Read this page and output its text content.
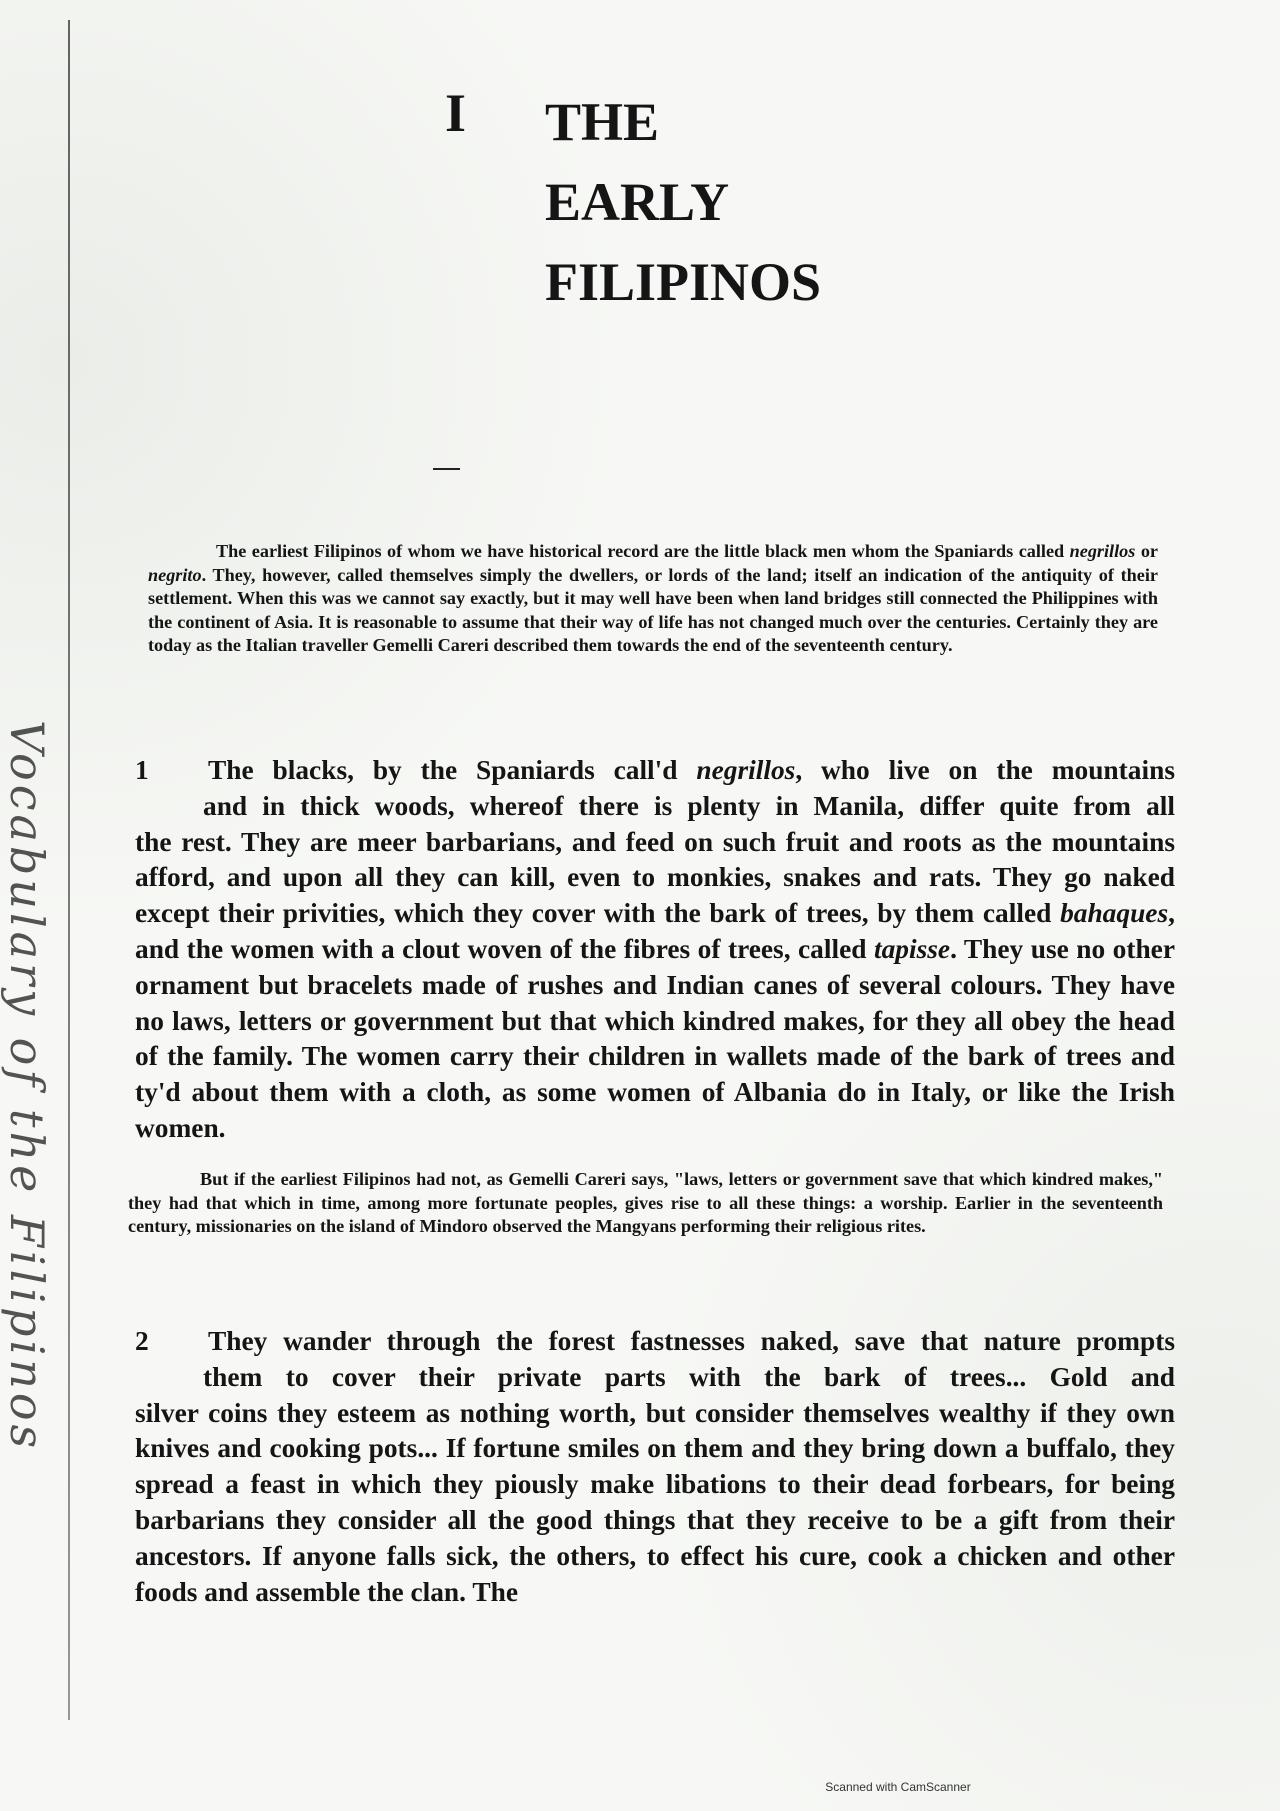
Vocabulary of the Filipinos
I THE
EARLY
FILIPINOS

The earliest Filipinos of whom we have historical record are the little black men whom the Spaniards called negrillos or negrito. They, however, called themselves simply the dwellers, or lords of the land; itself an indication of the antiquity of their settlement. When this was we cannot say exactly, but it may well have been when land bridges still connected the Philippines with the continent of Asia. It is reasonable to assume that their way of life has not changed much over the centuries. Certainly they are today as the Italian traveller Gemelli Careri described them towards the end of the seventeenth century.

1	The blacks, by the Spaniards call'd negrillos, who live on the mountains
and in thick woods, whereof there is plenty in Manila, differ quite from all
the rest. They are meer barbarians, and feed on such fruit and roots as the mountains afford, and upon all they can kill, even to monkies, snakes and rats. They go naked except their privities, which they cover with the bark of trees, by them called bahaques, and the women with a clout woven of the fibres of trees, called tapisse. They use no other ornament but bracelets made of rushes and Indian canes of several colours. They have no laws, letters or government but that which kindred makes, for they all obey the head of the family. The women carry their children in wallets made of the bark of trees and ty'd about them with a cloth, as some women of Albania do in Italy, or like the Irish women.

But if the earliest Filipinos had not, as Gemelli Careri says, "laws, letters or government save that which kindred makes," they had that which in time, among more fortunate peoples, gives rise to all these things: a worship. Earlier in the seventeenth century, missionaries on the island of Mindoro observed the Mangyans performing their religious rites.

2	They wander through the forest fastnesses naked, save that nature prompts
them to cover their private parts with the bark of trees... Gold and
silver coins they esteem as nothing worth, but consider themselves wealthy if they own knives and cooking pots... If fortune smiles on them and they bring down a buffalo, they spread a feast in which they piously make libations to their dead forbears, for being barbarians they consider all the good things that they receive to be a gift from their ancestors. If anyone falls sick, the others, to effect his cure, cook a chicken and other foods and assemble the clan. The
Scanned with CamScanner
